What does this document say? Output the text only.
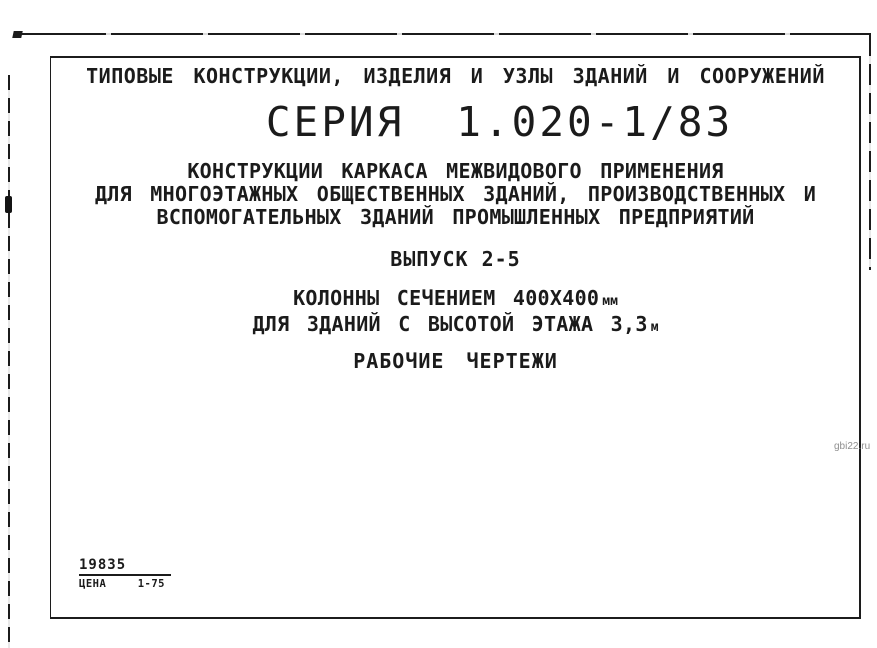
ТИПОВЫЕ КОНСТРУКЦИИ, ИЗДЕЛИЯ И УЗЛЫ ЗДАНИЙ И СООРУЖЕНИЙ
СЕРИЯ 1.020-1/83
КОНСТРУКЦИИ КАРКАСА МЕЖВИДОВОГО ПРИМЕНЕНИЯ
ДЛЯ МНОГОЭТАЖНЫХ ОБЩЕСТВЕННЫХ ЗДАНИЙ, ПРОИЗВОДСТВЕННЫХ И
ВСПОМОГАТЕЛЬНЫХ ЗДАНИЙ ПРОМЫШЛЕННЫХ ПРЕДПРИЯТИЙ
ВЫПУСК 2-5
КОЛОННЫ СЕЧЕНИЕМ 400Х400 мм
ДЛЯ ЗДАНИЙ С ВЫСОТОЙ ЭТАЖА 3,3 м
РАБОЧИЕ ЧЕРТЕЖИ
19835
ЦЕНА	1-75
gbi22.ru
